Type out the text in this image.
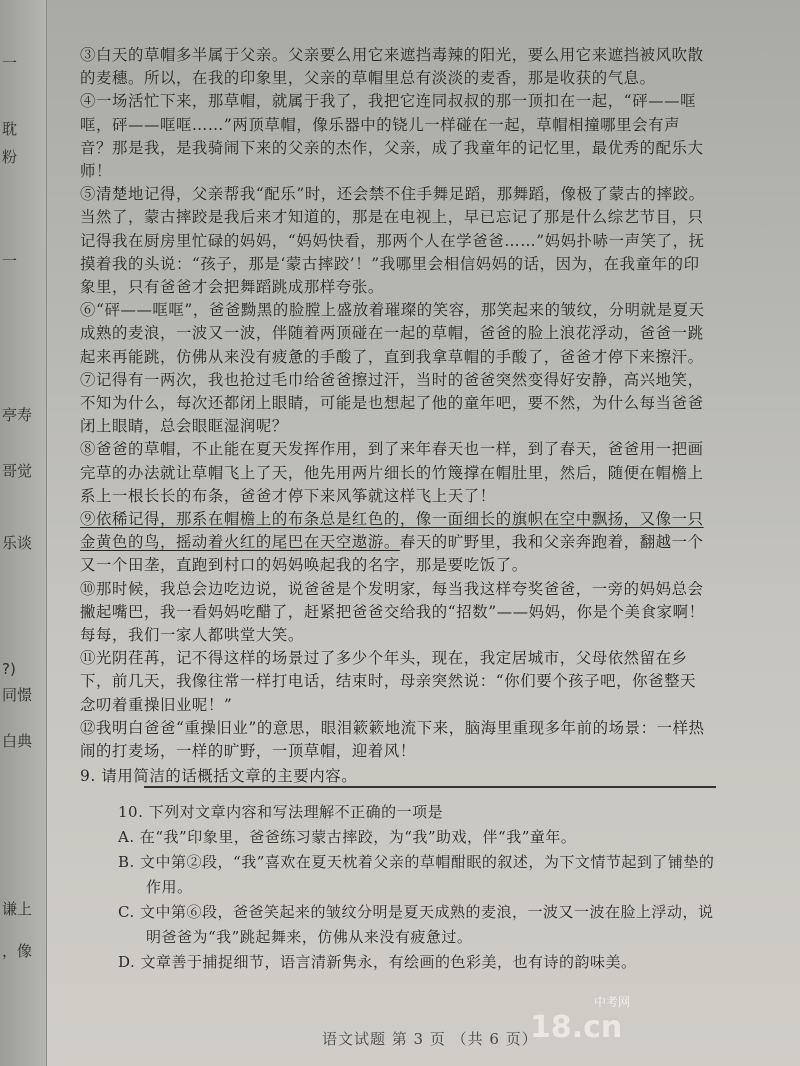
一
耽
粉
一
亭寿
哥觉
乐谈
?)
同憬
白典
谦上
，像

③白天的草帽多半属于父亲。父亲要么用它来遮挡毒辣的阳光，要么用它来遮挡被风吹散的麦穗。所以，在我的印象里，父亲的草帽里总有淡淡的麦香，那是收获的气息。

④一场活忙下来，那草帽，就属于我了，我把它连同叔叔的那一顶扣在一起，“砰——哐哐，砰——哐哐……”两顶草帽，像乐器中的铙儿一样碰在一起，草帽相撞哪里会有声音？那是我，是我骑闹下来的父亲的杰作，父亲，成了我童年的记忆里，最优秀的配乐大师！

⑤清楚地记得，父亲帮我“配乐”时，还会禁不住手舞足蹈，那舞蹈，像极了蒙古的摔跤。当然了，蒙古摔跤是我后来才知道的，那是在电视上，早已忘记了那是什么综艺节目，只记得我在厨房里忙碌的妈妈，“妈妈快看，那两个人在学爸爸……”妈妈扑哧一声笑了，抚摸着我的头说：“孩子，那是‘蒙古摔跤’！”我哪里会相信妈妈的话，因为，在我童年的印象里，只有爸爸才会把舞蹈跳成那样夸张。

⑥“砰——哐哐”，爸爸黝黑的脸膛上盛放着璀璨的笑容，那笑起来的皱纹，分明就是夏天成熟的麦浪，一波又一波，伴随着两顶碰在一起的草帽，爸爸的脸上浪花浮动，爸爸一跳起来再能跳，仿佛从来没有疲惫的手酸了，直到我拿草帽的手酸了，爸爸才停下来擦汗。

⑦记得有一两次，我也抢过毛巾给爸爸擦过汗，当时的爸爸突然变得好安静，高兴地笑，不知为什么，每次还都闭上眼睛，可能是也想起了他的童年吧，要不然，为什么每当爸爸闭上眼睛，总会眼眶湿润呢？

⑧爸爸的草帽，不止能在夏天发挥作用，到了来年春天也一样，到了春天，爸爸用一把画完草的办法就让草帽飞上了天，他先用两片细长的竹篾撑在帽肚里，然后，随便在帽檐上系上一根长长的布条，爸爸才停下来风筝就这样飞上天了！

⑨依稀记得，那系在帽檐上的布条总是红色的，像一面细长的旗帜在空中飘扬，又像一只金黄色的鸟，摇动着火红的尾巴在天空遨游。春天的旷野里，我和父亲奔跑着，翻越一个又一个田垄，直跑到村口的妈妈唤起我的名字，那是要吃饭了。

⑩那时候，我总会边吃边说，说爸爸是个发明家，每当我这样夸奖爸爸，一旁的妈妈总会撇起嘴巴，我一看妈妈吃醋了，赶紧把爸爸交给我的“招数”——妈妈，你是个美食家啊！每每，我们一家人都哄堂大笑。

⑪光阴荏苒，记不得这样的场景过了多少个年头，现在，我定居城市，父母依然留在乡下，前几天，我像往常一样打电话，结束时，母亲突然说：“你们要个孩子吧，你爸整天念叨着重操旧业呢！”

⑫我明白爸爸“重操旧业”的意思，眼泪簌簌地流下来，脑海里重现多年前的场景：一样热闹的打麦场，一样的旷野，一顶草帽，迎着风！

9. 请用简洁的话概括文章的主要内容。

10. 下列对文章内容和写法理解不正确的一项是

A. 在“我”印象里，爸爸练习蒙古摔跤，为“我”助戏，伴“我”童年。

B. 文中第②段，“我”喜欢在夏天枕着父亲的草帽酣眠的叙述，为下文情节起到了铺垫的作用。

C. 文中第⑥段，爸爸笑起来的皱纹分明是夏天成熟的麦浪，一波又一波在脸上浮动，说明爸爸为“我”跳起舞来，仿佛从来没有疲惫过。

D. 文章善于捕捉细节，语言清新隽永，有绘画的色彩美，也有诗的韵味美。

语文试题 第 3 页 （共 6 页）
中考网
18.cn
